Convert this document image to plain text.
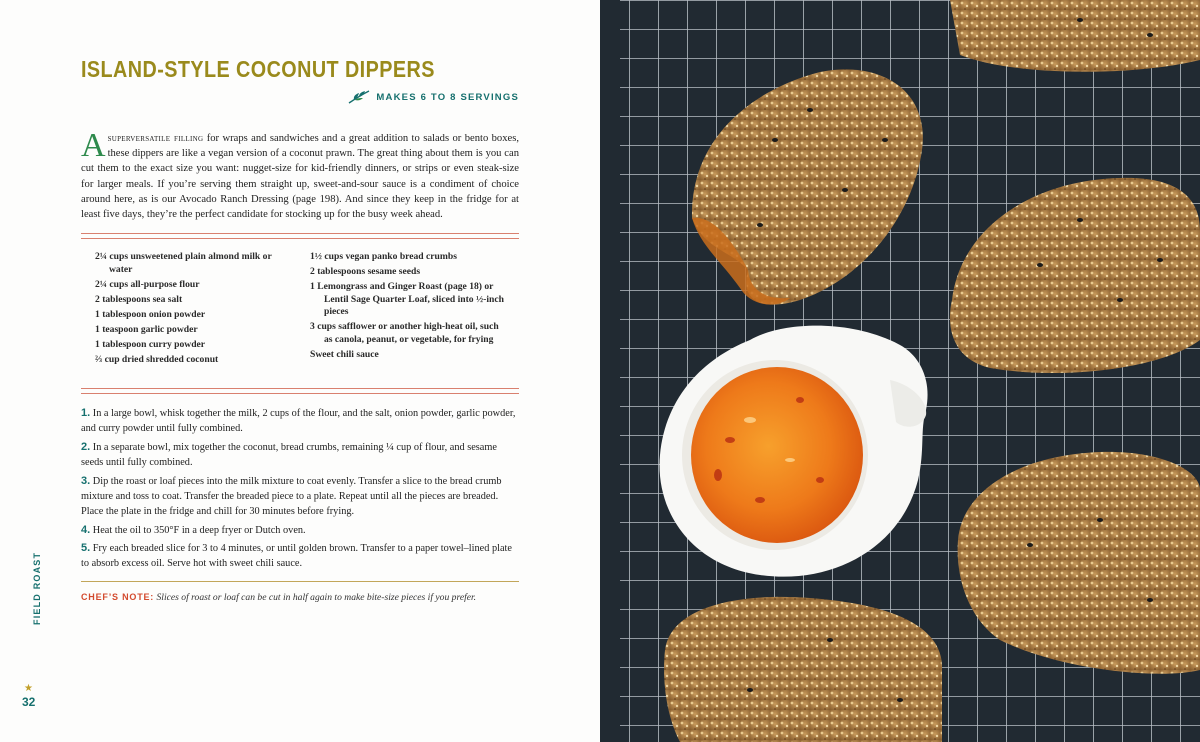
ISLAND-STYLE COCONUT DIPPERS
MAKES 6 TO 8 SERVINGS
Asuperversatile filling for wraps and sandwiches and a great addition to salads or bento boxes, these dippers are like a vegan version of a coconut prawn. The great thing about them is you can cut them to the exact size you want: nugget-size for kid-friendly dinners, or strips or even steak-size for larger meals. If you’re serving them straight up, sweet-and-sour sauce is a condiment of choice around here, as is our Avocado Ranch Dressing (page 198). And since they keep in the fridge for at least five days, they’re the perfect candidate for stocking up for the busy week ahead.
2¼ cups unsweetened plain almond milk or water
2¼ cups all-purpose flour
2 tablespoons sea salt
1 tablespoon onion powder
1 teaspoon garlic powder
1 tablespoon curry powder
⅔ cup dried shredded coconut
1½ cups vegan panko bread crumbs
2 tablespoons sesame seeds
1 Lemongrass and Ginger Roast (page 18) or Lentil Sage Quarter Loaf, sliced into ½-inch pieces
3 cups safflower or another high-heat oil, such as canola, peanut, or vegetable, for frying
Sweet chili sauce
1. In a large bowl, whisk together the milk, 2 cups of the flour, and the salt, onion powder, garlic powder, and curry powder until fully combined.
2. In a separate bowl, mix together the coconut, bread crumbs, remaining ¼ cup of flour, and sesame seeds until fully combined.
3. Dip the roast or loaf pieces into the milk mixture to coat evenly. Transfer a slice to the bread crumb mixture and toss to coat. Transfer the breaded piece to a plate. Repeat until all the pieces are breaded. Place the plate in the fridge and chill for 30 minutes before frying.
4. Heat the oil to 350°F in a deep fryer or Dutch oven.
5. Fry each breaded slice for 3 to 4 minutes, or until golden brown. Transfer to a paper towel–lined plate to absorb excess oil. Serve hot with sweet chili sauce.
CHEF’S NOTE: Slices of roast or loaf can be cut in half again to make bite-size pieces if you prefer.
FIELD ROAST
★
32
